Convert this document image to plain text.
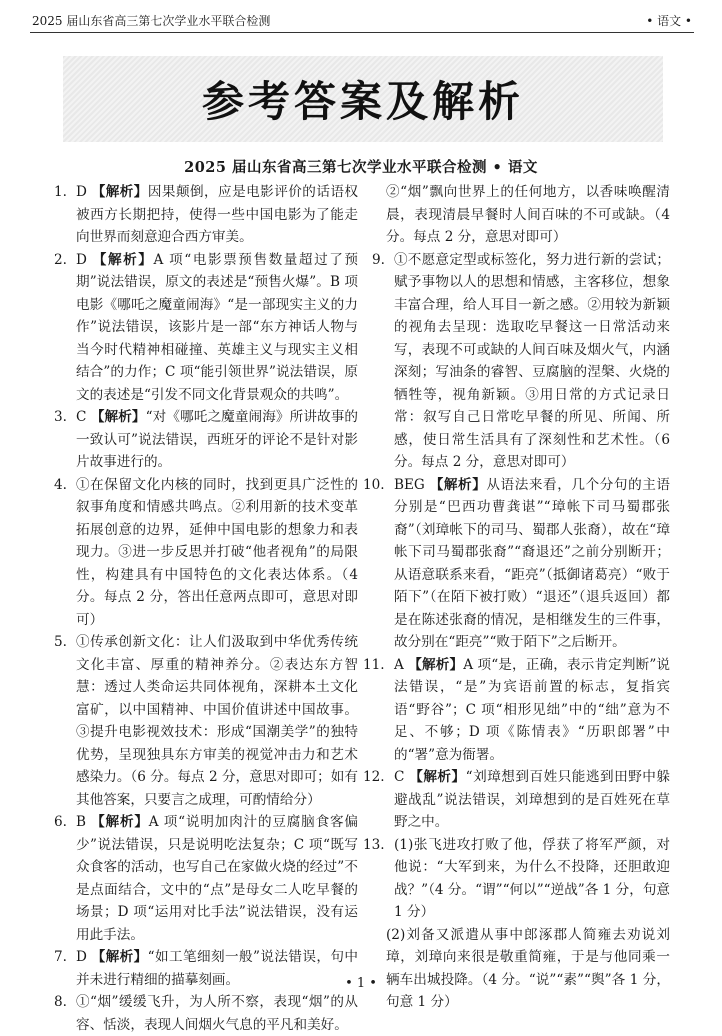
2025 届山东省高三第七次学业水平联合检测	• 语文 •
参考答案及解析
2025 届山东省高三第七次学业水平联合检测 • 语文

1. D 【解析】因果颠倒，应是电影评价的话语权被西方长期把持，使得一些中国电影为了能走向世界而刻意迎合西方审美。

2. D 【解析】A 项“电影票预售数量超过了预期”说法错误，原文的表述是“预售火爆”。B 项电影《哪吒之魔童闹海》“是一部现实主义的力作”说法错误，该影片是一部“东方神话人物与当今时代精神相碰撞、英雄主义与现实主义相结合”的力作；C 项“能引领世界”说法错误，原文的表述是“引发不同文化背景观众的共鸣”。

3. C 【解析】“对《哪吒之魔童闹海》所讲故事的一致认可”说法错误，西班牙的评论不是针对影片故事进行的。

4. ①在保留文化内核的同时，找到更具广泛性的叙事角度和情感共鸣点。②利用新的技术变革拓展创意的边界，延伸中国电影的想象力和表现力。③进一步反思并打破“他者视角”的局限性，构建具有中国特色的文化表达体系。（4 分。每点 2 分，答出任意两点即可，意思对即可）

5. ①传承创新文化：让人们汲取到中华优秀传统文化丰富、厚重的精神养分。②表达东方智慧：透过人类命运共同体视角，深耕本土文化富矿，以中国精神、中国价值讲述中国故事。③提升电影视效技术：形成“国潮美学”的独特优势，呈现独具东方审美的视觉冲击力和艺术感染力。（6 分。每点 2 分，意思对即可；如有其他答案，只要言之成理，可酌情给分）

6. B 【解析】A 项“说明加肉汁的豆腐脑食客偏少”说法错误，只是说明吃法复杂；C 项“既写众食客的活动，也写自己在家做火烧的经过”不是点面结合，文中的“点”是母女二人吃早餐的场景；D 项“运用对比手法”说法错误，没有运用此手法。

7. D 【解析】“如工笔细刻一般”说法错误，句中并未进行精细的描摹刻画。

8. ①“烟”缓缓飞升，为人所不察，表现“烟”的从容、恬淡，表现人间烟火气息的平凡和美好。

②“烟”飘向世界上的任何地方，以香味唤醒清晨，表现清晨早餐时人间百味的不可或缺。（4 分。每点 2 分，意思对即可）

9. ①不愿意定型或标签化，努力进行新的尝试；赋予事物以人的思想和情感，主客移位，想象丰富合理，给人耳目一新之感。②用较为新颖的视角去呈现：选取吃早餐这一日常活动来写，表现不可或缺的人间百味及烟火气，内涵深刻；写油条的睿智、豆腐脑的涅槃、火烧的牺牲等，视角新颖。③用日常的方式记录日常：叙写自己日常吃早餐的所见、所闻、所感，使日常生活具有了深刻性和艺术性。（6 分。每点 2 分，意思对即可）

10. BEG 【解析】从语法来看，几个分句的主语分别是“巴西功曹龚谌”“璋帐下司马蜀郡张裔”（刘璋帐下的司马、蜀郡人张裔），故在“璋帐下司马蜀郡张裔”“裔退还”之前分别断开；从语意联系来看，“距亮”（抵御诸葛亮）“败于陌下”（在陌下被打败）“退还”（退兵返回）都是在陈述张裔的情况，是相继发生的三件事，故分别在“距亮”“败于陌下”之后断开。

11. A 【解析】A 项“是，正确，表示肯定判断”说法错误，“是”为宾语前置的标志，复指宾语“野谷”；C 项“相形见绌”中的“绌”意为不足、不够；D 项《陈情表》“历职郎署”中的“署”意为衙署。

12. C 【解析】“刘璋想到百姓只能逃到田野中躲避战乱”说法错误，刘璋想到的是百姓死在草野之中。

13. (1)张飞进攻打败了他，俘获了将军严颜，对他说：“大军到来，为什么不投降，还胆敢迎战？”（4 分。“谓”“何以”“逆战”各 1 分，句意 1 分）

(2)刘备又派遣从事中郎涿郡人简雍去劝说刘璋，刘璋向来很是敬重简雍，于是与他同乘一辆车出城投降。（4 分。“说”“素”“舆”各 1 分，句意 1 分）

• 1 •
